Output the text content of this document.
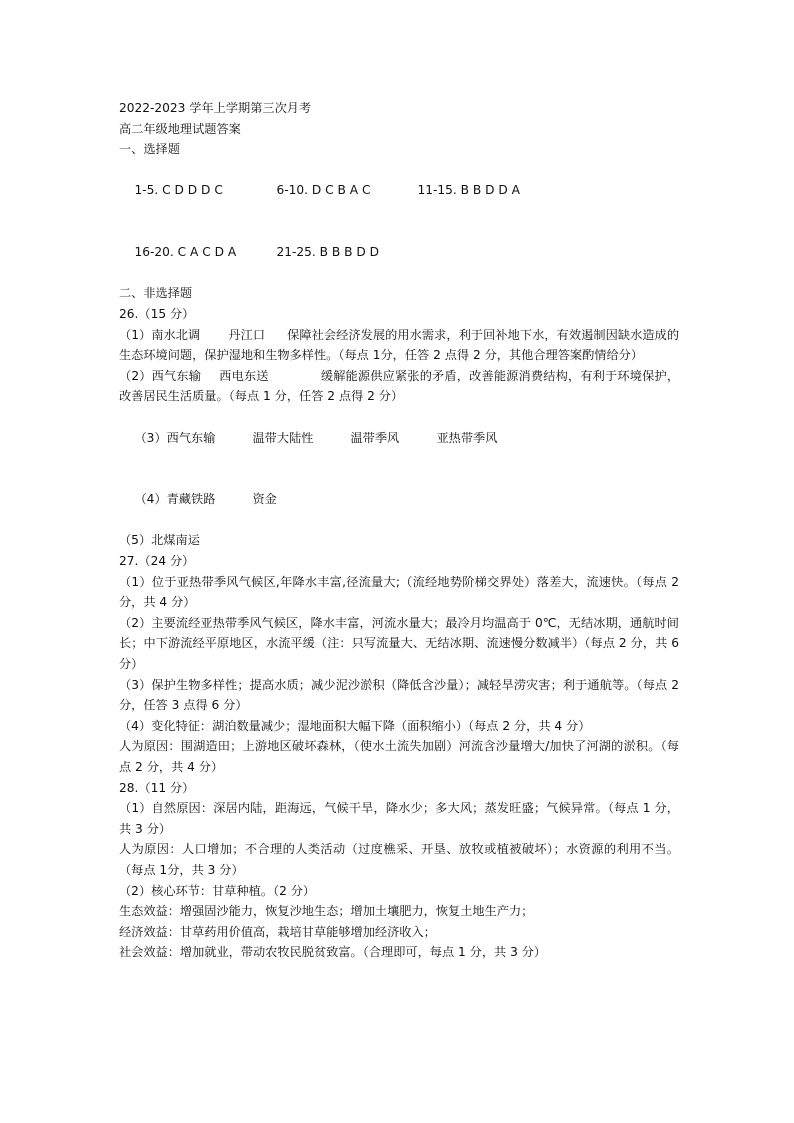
2022-2023 学年上学期第三次月考
高二年级地理试题答案
一、选择题

1-5. C D D D C	6-10. D C B A C	11-15. B B D D A

16-20. C A C D A	21-25. B B B D D

二、非选择题
26.（15 分）
（1）南水北调 丹江口 保障社会经济发展的用水需求，利于回补地下水，有效遏制因缺水造成的生态环境问题，保护湿地和生物多样性。（每点 1分，任答 2 点得 2 分，其他合理答案酌情给分）
（2）西气东输 西电东送	缓解能源供应紧张的矛盾，改善能源消费结构，有利于环境保护，改善居民生活质量。（每点 1 分，任答 2 点得 2 分）

（3）西气东输	温带大陆性	温带季风	亚热带季风

（4）青藏铁路	资金

（5）北煤南运
27.（24 分）
（1）位于亚热带季风气候区,年降水丰富,径流量大;（流经地势阶梯交界处）落差大，流速快。（每点 2 分，共 4 分）
（2）主要流经亚热带季风气候区，降水丰富，河流水量大；最冷月均温高于 0℃，无结冰期，通航时间长；中下游流经平原地区，水流平缓（注：只写流量大、无结冰期、流速慢分数减半）（每点 2 分，共 6 分）
（3）保护生物多样性；提高水质；减少泥沙淤积（降低含沙量）；减轻旱涝灾害；利于通航等。（每点 2 分，任答 3 点得 6 分）
（4）变化特征：湖泊数量减少；湿地面积大幅下降（面积缩小）（每点 2 分，共 4 分）
人为原因：围湖造田；上游地区破坏森林，（使水土流失加剧）河流含沙量增大/加快了河湖的淤积。（每点 2 分，共 4 分）
28.（11 分）
（1）自然原因：深居内陆，距海远，气候干旱，降水少；多大风；蒸发旺盛；气候异常。（每点 1 分，共 3 分）
人为原因：人口增加；不合理的人类活动（过度樵采、开垦、放牧或植被破坏）；水资源的利用不当。（每点 1分，共 3 分）
（2）核心环节：甘草种植。（2 分）
生态效益：增强固沙能力，恢复沙地生态；增加土壤肥力，恢复土地生产力；
经济效益：甘草药用价值高，栽培甘草能够增加经济收入；
社会效益：增加就业，带动农牧民脱贫致富。（合理即可，每点 1 分，共 3 分）
